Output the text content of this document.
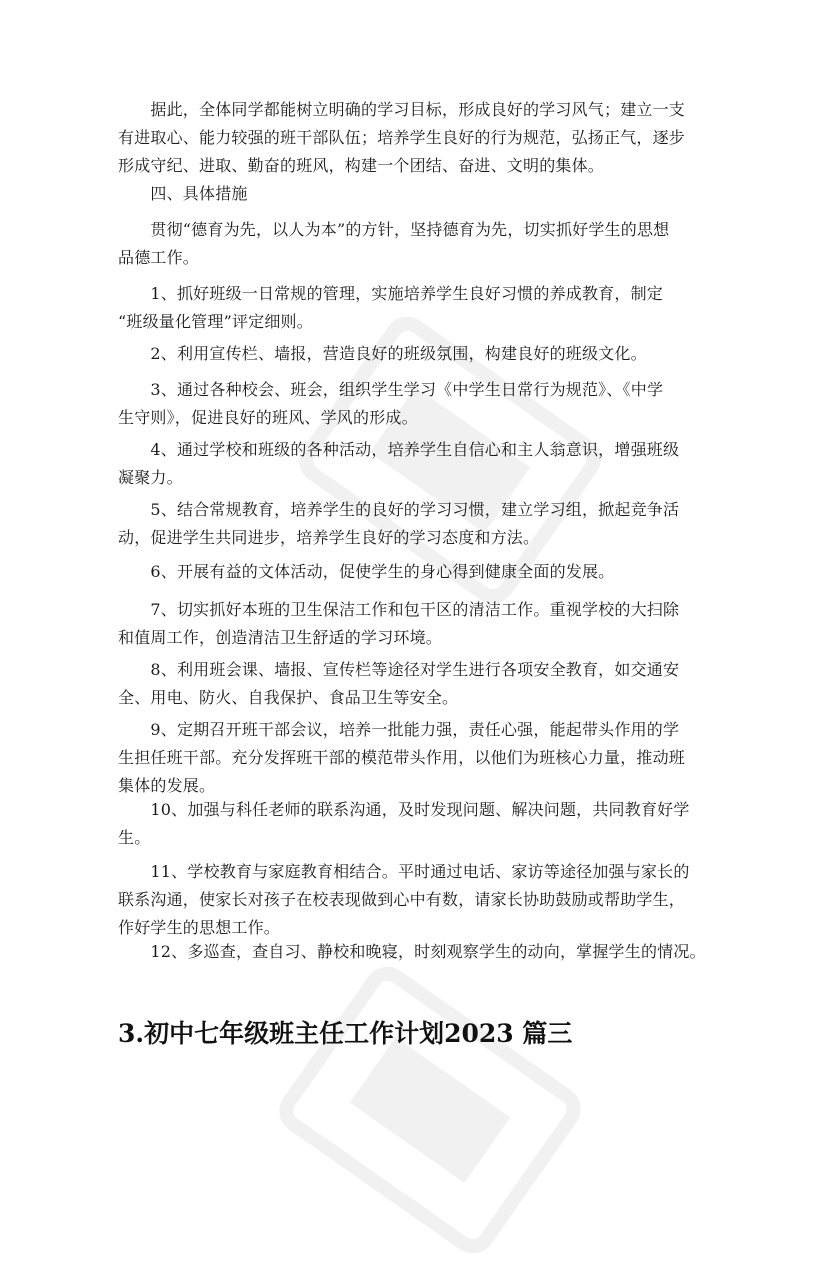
　　据此，全体同学都能树立明确的学习目标，形成良好的学习风气；建立一支
有进取心、能力较强的班干部队伍；培养学生良好的行为规范，弘扬正气，逐步
形成守纪、进取、勤奋的班风，构建一个团结、奋进、文明的集体。
　　四、具体措施
　　贯彻“德育为先，以人为本”的方针，坚持德育为先，切实抓好学生的思想
品德工作。
　　1、抓好班级一日常规的管理，实施培养学生良好习惯的养成教育，制定
“班级量化管理”评定细则。
　　2、利用宣传栏、墙报，营造良好的班级氛围，构建良好的班级文化。
　　3、通过各种校会、班会，组织学生学习《中学生日常行为规范》、《中学
生守则》，促进良好的班风、学风的形成。
　　4、通过学校和班级的各种活动，培养学生自信心和主人翁意识，增强班级
凝聚力。
　　5、结合常规教育，培养学生的良好的学习习惯，建立学习组，掀起竞争活
动，促进学生共同进步，培养学生良好的学习态度和方法。
　　6、开展有益的文体活动，促使学生的身心得到健康全面的发展。
　　7、切实抓好本班的卫生保洁工作和包干区的清洁工作。重视学校的大扫除
和值周工作，创造清洁卫生舒适的学习环境。
　　8、利用班会课、墙报、宣传栏等途径对学生进行各项安全教育，如交通安
全、用电、防火、自我保护、食品卫生等安全。
　　9、定期召开班干部会议，培养一批能力强，责任心强，能起带头作用的学
生担任班干部。充分发挥班干部的模范带头作用，以他们为班核心力量，推动班
集体的发展。
　　10、加强与科任老师的联系沟通，及时发现问题、解决问题，共同教育好学
生。
　　11、学校教育与家庭教育相结合。平时通过电话、家访等途径加强与家长的
联系沟通，使家长对孩子在校表现做到心中有数，请家长协助鼓励或帮助学生，
作好学生的思想工作。
　　12、多巡查，查自习、静校和晚寝，时刻观察学生的动向，掌握学生的情况。
3.初中七年级班主任工作计划2023 篇三
